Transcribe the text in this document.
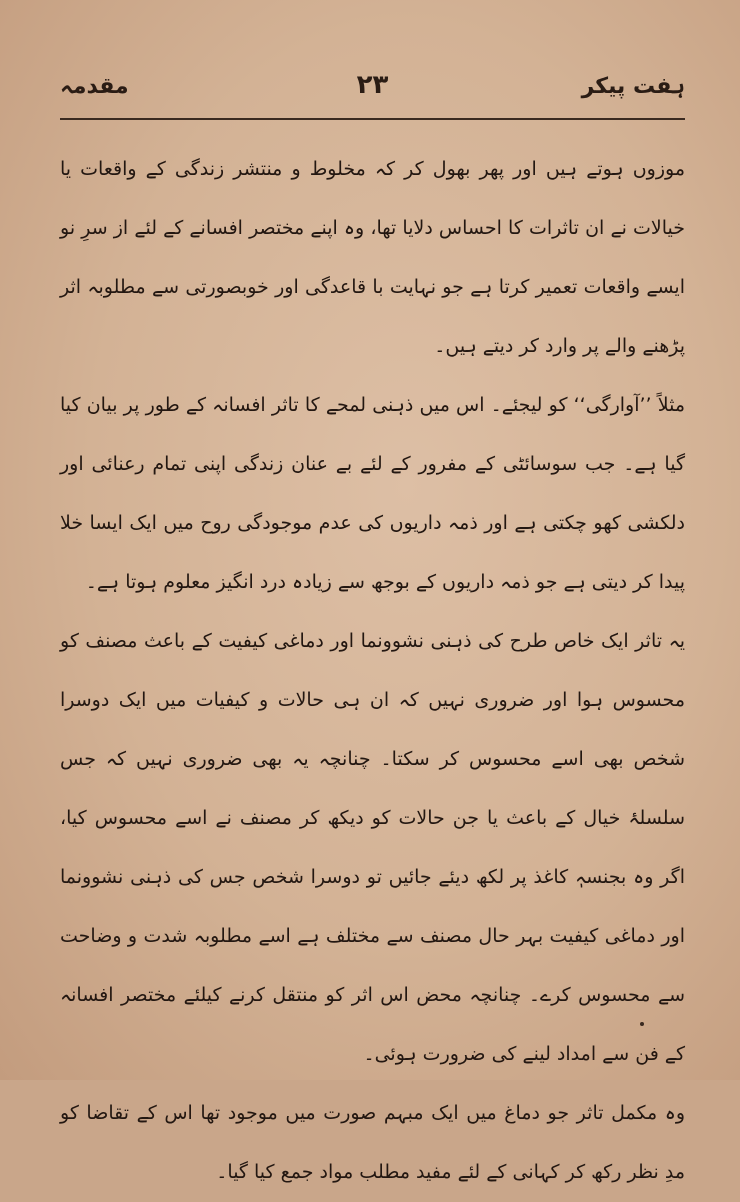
ہفت پیکر
۲۳
مقدمہ

موزوں ہوتے ہیں اور پھر بھول کر کہ مخلوط و منتشر زندگی کے واقعات یا خیالات نے ان تاثرات کا احساس دلایا تھا، وہ اپنے مختصر افسانے کے لئے از سرِ نو ایسے واقعات تعمیر کرتا ہے جو نہایت با قاعدگی اور خوبصورتی سے مطلوبہ اثر پڑھنے والے پر وارد کر دیتے ہیں۔

مثلاً ’’آوارگی‘‘ کو لیجئے۔ اس میں ذہنی لمحے کا تاثر افسانہ کے طور پر بیان کیا گیا ہے۔ جب سوسائٹی کے مفرور کے لئے بے عنان زندگی اپنی تمام رعنائی اور دلکشی کھو چکتی ہے اور ذمہ داریوں کی عدم موجودگی روح میں ایک ایسا خلا پیدا کر دیتی ہے جو ذمہ داریوں کے بوجھ سے زیادہ درد انگیز معلوم ہوتا ہے۔

یہ تاثر ایک خاص طرح کی ذہنی نشوونما اور دماغی کیفیت کے باعث مصنف کو محسوس ہوا اور ضروری نہیں کہ ان ہی حالات و کیفیات میں ایک دوسرا شخص بھی اسے محسوس کر سکتا۔ چنانچہ یہ بھی ضروری نہیں کہ جس سلسلۂ خیال کے باعث یا جن حالات کو دیکھ کر مصنف نے اسے محسوس کیا، اگر وہ بجنسہٖ کاغذ پر لکھ دیئے جائیں تو دوسرا شخص جس کی ذہنی نشوونما اور دماغی کیفیت بہر حال مصنف سے مختلف ہے اسے مطلوبہ شدت و وضاحت سے محسوس کرے۔ چنانچہ محض اس اثر کو منتقل کرنے کیلئے مختصر افسانہ کے فن سے امداد لینے کی ضرورت ہوئی۔

وہ مکمل تاثر جو دماغ میں ایک مبہم صورت میں موجود تھا اس کے تقاضا کو مدِ نظر رکھ کر کہانی کے لئے مفید مطلب مواد جمع کیا گیا۔
